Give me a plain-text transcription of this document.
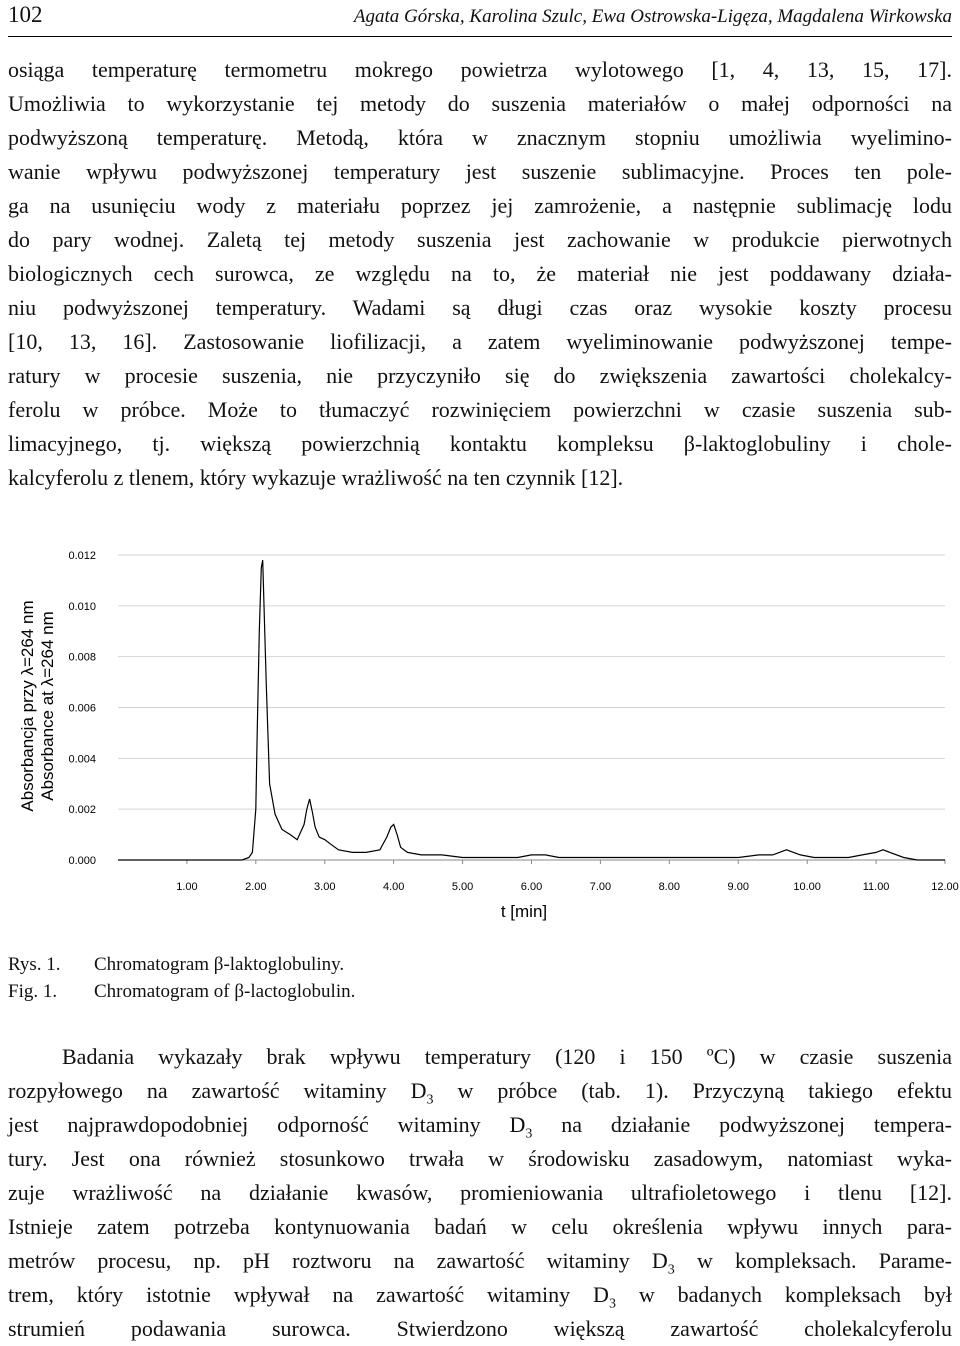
102	Agata Górska, Karolina Szulc, Ewa Ostrowska-Ligęza, Magdalena Wirkowska
osiąga temperaturę termometru mokrego powietrza wylotowego [1, 4, 13, 15, 17].
Umożliwia to wykorzystanie tej metody do suszenia materiałów o małej odporności na
podwyższoną temperaturę. Metodą, która w znacznym stopniu umożliwia wyelimino-
wanie wpływu podwyższonej temperatury jest suszenie sublimacyjne. Proces ten pole-
ga na usunięciu wody z materiału poprzez jej zamrożenie, a następnie sublimację lodu
do pary wodnej. Zaletą tej metody suszenia jest zachowanie w produkcie pierwotnych
biologicznych cech surowca, ze względu na to, że materiał nie jest poddawany działa-
niu podwyższonej temperatury. Wadami są długi czas oraz wysokie koszty procesu
[10, 13, 16]. Zastosowanie liofilizacji, a zatem wyeliminowanie podwyższonej tempe-
ratury w procesie suszenia, nie przyczyniło się do zwiększenia zawartości cholekalcy-
ferolu w próbce. Może to tłumaczyć rozwinięciem powierzchni w czasie suszenia sub-
limacyjnego, tj. większą powierzchnią kontaktu kompleksu β-laktoglobuliny i chole-
kalcyferolu z tlenem, który wykazuje wrażliwość na ten czynnik [12].
0.000
0.002
0.004
0.006
0.008
0.010
0.012
1.00	2.00	3.00	4.00	5.00	6.00	7.00	8.00	9.00	10.00	11.00	12.00
Absorbancja przy λ=264 nm Absorbance at λ=264 nm
t [min]
Rys. 1.	Chromatogram β-laktoglobuliny.
Fig. 1.	Chromatogram of β-lactoglobulin.
Badania wykazały brak wpływu temperatury (120 i 150 ºC) w czasie suszenia
rozpyłowego na zawartość witaminy $D_3$ w próbce (tab. 1). Przyczyną takiego efektu
jest najprawdopodobniej odporność witaminy $D_3$ na działanie podwyższonej tempera-
tury. Jest ona również stosunkowo trwała w środowisku zasadowym, natomiast wyka-
zuje wrażliwość na działanie kwasów, promieniowania ultrafioletowego i tlenu [12].
Istnieje zatem potrzeba kontynuowania badań w celu określenia wpływu innych para-
metrów procesu, np. pH roztworu na zawartość witaminy $D_3$ w kompleksach. Parame-
trem, który istotnie wpływał na zawartość witaminy $D_3$ w badanych kompleksach był
strumień podawania surowca. Stwierdzono większą zawartość cholekalcyferolu
